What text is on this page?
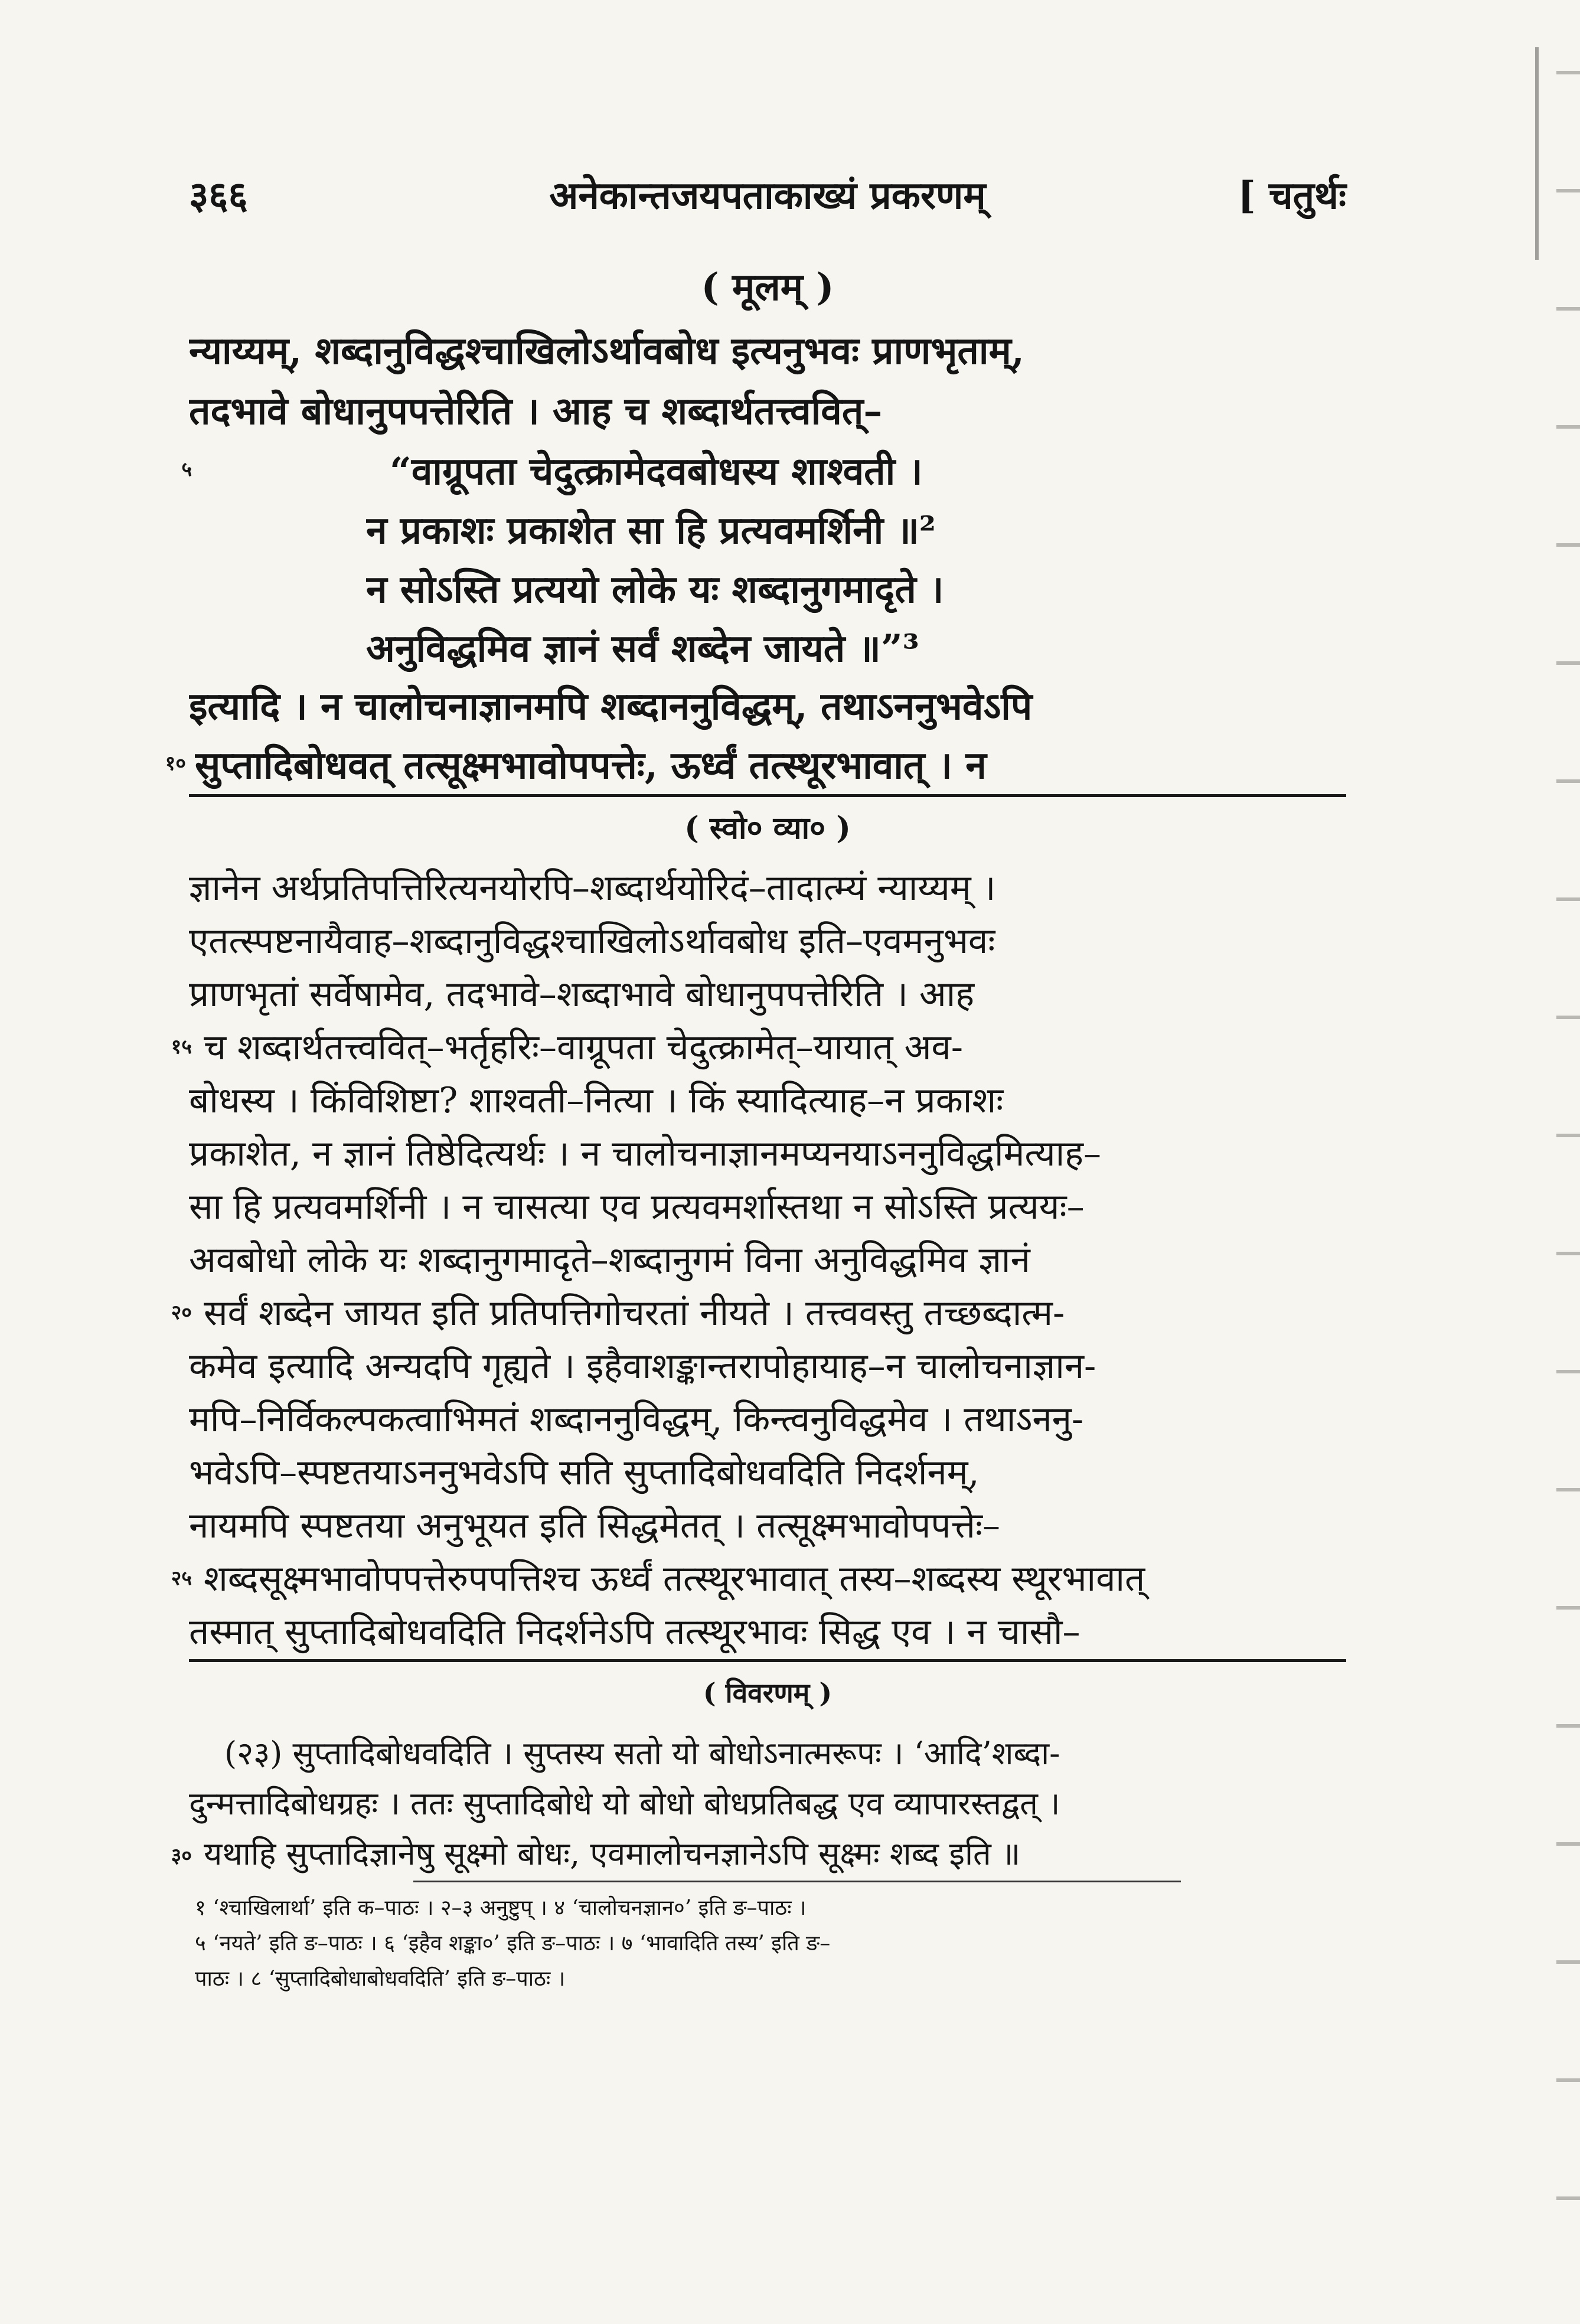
३६६	अनेकान्तजयपताकाख्यं प्रकरणम्	[ चतुर्थः
( मूलम् )
न्याय्यम्, शब्दानुविद्धश्चाखिलोऽर्थावबोध इत्यनुभवः प्राणभृताम्,
तदभावे बोधानुपपत्तेरिति । आह च शब्दार्थतत्त्ववित्–
“वाग्रूपता चेदुत्क्रामेदवबोधस्य शाश्वती ।
५
न प्रकाशः प्रकाशेत सा हि प्रत्यवमर्शिनी ॥²
न सोऽस्ति प्रत्ययो लोके यः शब्दानुगमादृते ।
अनुविद्धमिव ज्ञानं सर्वं शब्देन जायते ॥”³
इत्यादि । न चालोचनाज्ञानमपि शब्दाननुविद्धम्, तथाऽननुभवेऽपि
सुप्तादिबोधवत् तत्सूक्ष्मभावोपपत्तेः, ऊर्ध्वं तत्स्थूरभावात् । न
१०
( स्वो० व्या० )
ज्ञानेन अर्थप्रतिपत्तिरित्यनयोरपि–शब्दार्थयोरिदं–तादात्म्यं न्याय्यम् ।
एतत्स्पष्टनायैवाह–शब्दानुविद्धश्चाखिलोऽर्थावबोध इति–एवमनुभवः
प्राणभृतां सर्वेषामेव, तदभावे–शब्दाभावे बोधानुपपत्तेरिति । आह
१५ च शब्दार्थतत्त्ववित्–भर्तृहरिः–वाग्रूपता चेदुत्क्रामेत्–यायात् अव-
बोधस्य । किंविशिष्टा? शाश्वती–नित्या । किं स्यादित्याह–न प्रकाशः
प्रकाशेत, न ज्ञानं तिष्ठेदित्यर्थः । न चालोचनाज्ञानमप्यनयाऽननुविद्धमित्याह–
सा हि प्रत्यवमर्शिनी । न चासत्या एव प्रत्यवमर्शास्तथा न सोऽस्ति प्रत्ययः–
अवबोधो लोके यः शब्दानुगमादृते–शब्दानुगमं विना अनुविद्धमिव ज्ञानं
२० सर्वं शब्देन जायत इति प्रतिपत्तिगोचरतां नीयते । तत्त्ववस्तु तच्छब्दात्म-
कमेव इत्यादि अन्यदपि गृह्यते । इहैवाशङ्कान्तरापोहायाह–न चालोचनाज्ञान-
मपि–निर्विकल्पकत्वाभिमतं शब्दाननुविद्धम्, किन्त्वनुविद्धमेव । तथाऽननु-
भवेऽपि–स्पष्टतयाऽननुभवेऽपि सति सुप्तादिबोधवदिति निदर्शनम्,
नायमपि स्पष्टतया अनुभूयत इति सिद्धमेतत् । तत्सूक्ष्मभावोपपत्तेः–
२५ शब्दसूक्ष्मभावोपपत्तेरुपपत्तिश्च ऊर्ध्वं तत्स्थूरभावात् तस्य–शब्दस्य स्थूरभावात्
तस्मात् सुप्तादिबोधवदिति निदर्शनेऽपि तत्स्थूरभावः सिद्ध एव । न चासौ–
( विवरणम् )
(२३) सुप्तादिबोधवदिति । सुप्तस्य सतो यो बोधोऽनात्मरूपः । ‘आदि’शब्दा-
दुन्मत्तादिबोधग्रहः । ततः सुप्तादिबोधे यो बोधो बोधप्रतिबद्ध एव व्यापारस्तद्वत् ।
३० यथाहि सुप्तादिज्ञानेषु सूक्ष्मो बोधः, एवमालोचनज्ञानेऽपि सूक्ष्मः शब्द इति ॥
१ ‘श्चाखिलार्था’ इति क–पाठः । २–३ अनुष्टुप् । ४ ‘चालोचनज्ञान०’ इति ङ–पाठः ।
५ ‘नयते’ इति ङ–पाठः । ६ ‘इहैव शङ्का०’ इति ङ–पाठः । ७ ‘भावादिति तस्य’ इति ङ–
पाठः । ८ ‘सुप्तादिबोधाबोधवदिति’ इति ङ–पाठः ।
